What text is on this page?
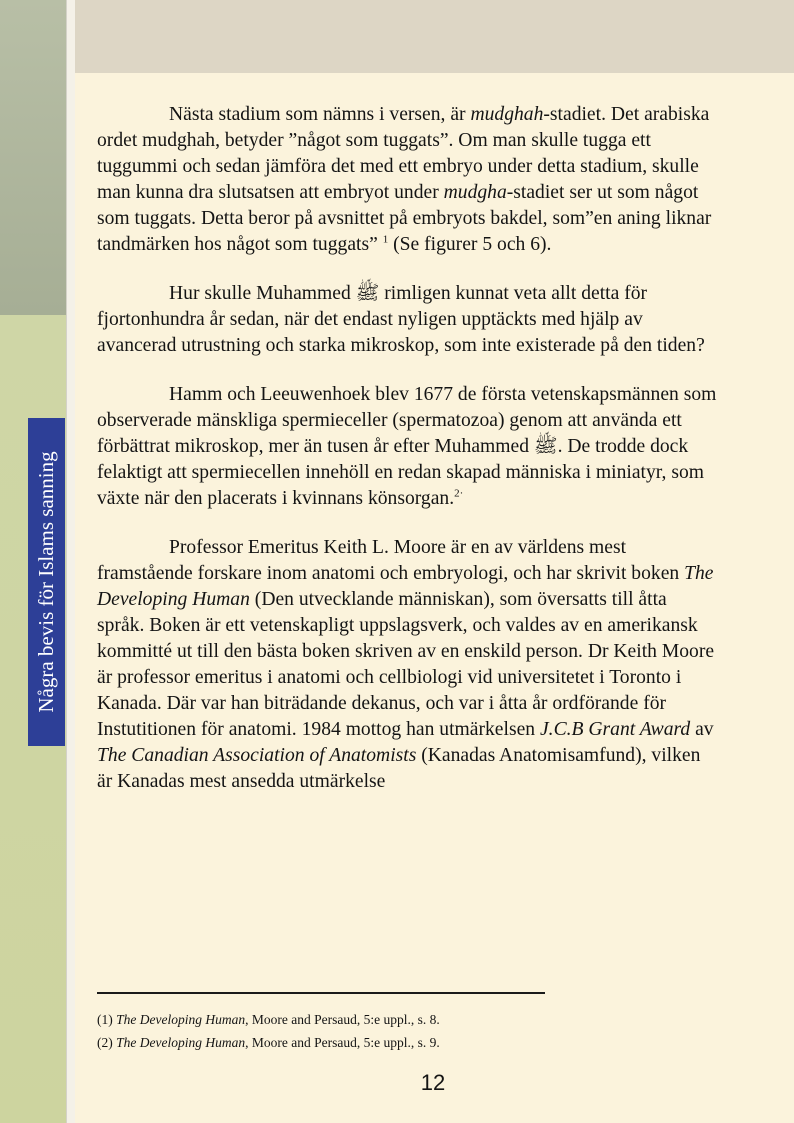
Några bevis för Islams sanning

Nästa stadium som nämns i versen, är mudghah-stadiet. Det arabiska ordet mudghah, betyder ”något som tuggats”. Om man skulle tugga ett tuggummi och sedan jämföra det med ett embryo under detta stadium, skulle man kunna dra slutsatsen att embryot under mudgha-stadiet ser ut som något som tuggats. Detta beror på avsnittet på embryots bakdel, som”en aning liknar tandmärken hos något som tuggats” $^1$ (Se figurer 5 och 6).

Hur skulle Muhammed ﷺ rimligen kunnat veta allt detta för fjortonhundra år sedan, när det endast nyligen upptäckts med hjälp av avancerad utrustning och starka mikroskop, som inte existerade på den tiden?

Hamm och Leeuwenhoek blev 1677 de första vetenskapsmännen som observerade mänskliga spermieceller (spermatozoa) genom att använda ett förbättrat mikroskop, mer än tusen år efter Muhammed ﷺ. De trodde dock felaktigt att spermiecellen innehöll en redan skapad människa i miniatyr, som växte när den placerats i kvinnans könsorgan.$^{2\cdot}$

Professor Emeritus Keith L. Moore är en av världens mest framstående forskare inom anatomi och embryologi, och har skrivit boken The Developing Human (Den utvecklande människan), som översatts till åtta språk. Boken är ett vetenskapligt uppslagsverk, och valdes av en amerikansk kommitté ut till den bästa boken skriven av en enskild person. Dr Keith Moore är professor emeritus i anatomi och cellbiologi vid universitetet i Toronto i Kanada. Där var han biträdande dekanus, och var i åtta år ordförande för Instutitionen för anatomi. 1984 mottog han utmärkelsen J.C.B Grant Award av The Canadian Association of Anatomists (Kanadas Anatomisamfund), vilken är Kanadas mest ansedda utmärkelse

(1) The Developing Human, Moore and Persaud, 5:e uppl., s. 8.
(2) The Developing Human, Moore and Persaud, 5:e uppl., s. 9.
12
